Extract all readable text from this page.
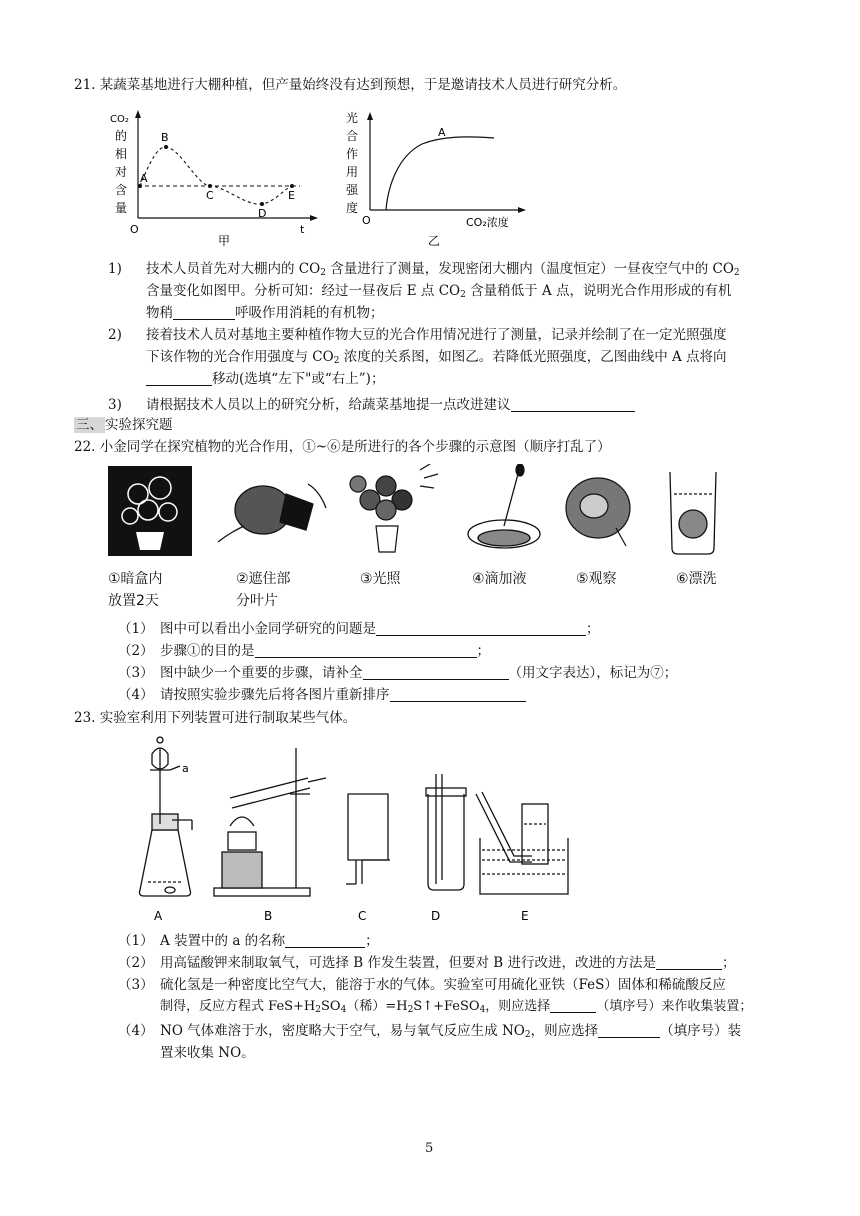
21. 某蔬菜基地进行大棚种植，但产量始终没有达到预想，于是邀请技术人员进行研究分析。
CO₂
的
相
对
含
量
A
B
C
D
E
O	t
甲
光
合
作
用
强
度
A
O	CO₂浓度
乙
1) 技术人员首先对大棚内的 $CO_2$ 含量进行了测量，发现密闭大棚内（温度恒定）一昼夜空气中的 $CO_2$
含量变化如图甲。分析可知：经过一昼夜后 E 点 $CO_2$ 含量稍低于 A 点，说明光合作用形成的有机
物稍	呼吸作用消耗的有机物；
2) 接着技术人员对基地主要种植作物大豆的光合作用情况进行了测量，记录并绘制了在一定光照强度
下该作物的光合作用强度与 $CO_2$ 浓度的关系图，如图乙。若降低光照强度，乙图曲线中 A 点将向
移动(选填“左下"或“右上”)；
3) 请根据技术人员以上的研究分析，给蔬菜基地提一点改进建议
三、 实验探究题
22. 小金同学在探究植物的光合作用，①~⑥是所进行的各个步骤的示意图（顺序打乱了）
①暗盒内
放置2天
②遮住部
分叶片
③光照	④滴加液	⑤观察	⑥漂洗
（1） 图中可以看出小金同学研究的问题是	；
（2） 步骤①的目的是	；
（3） 图中缺少一个重要的步骤，请补全	（用文字表达），标记为⑦；
（4） 请按照实验步骤先后将各图片重新排序
23. 实验室利用下列装置可进行制取某些气体。
a
A	B	C	D	E
（1） A 装置中的 a 的名称	；
（2） 用高锰酸钾来制取氧气，可选择 B 作发生装置，但要对 B 进行改进，改进的方法是	；
（3） 硫化氢是一种密度比空气大，能溶于水的气体。实验室可用硫化亚铁（FeS）固体和稀硫酸反应
制得，反应方程式 $FeS+H_2SO_4$（稀）$=H_2S↑+FeSO_4$，则应选择	（填序号）来作收集装置；
（4） NO 气体难溶于水，密度略大于空气，易与氧气反应生成 $NO_2$，则应选择	（填序号）装
置来收集 NO。
5
